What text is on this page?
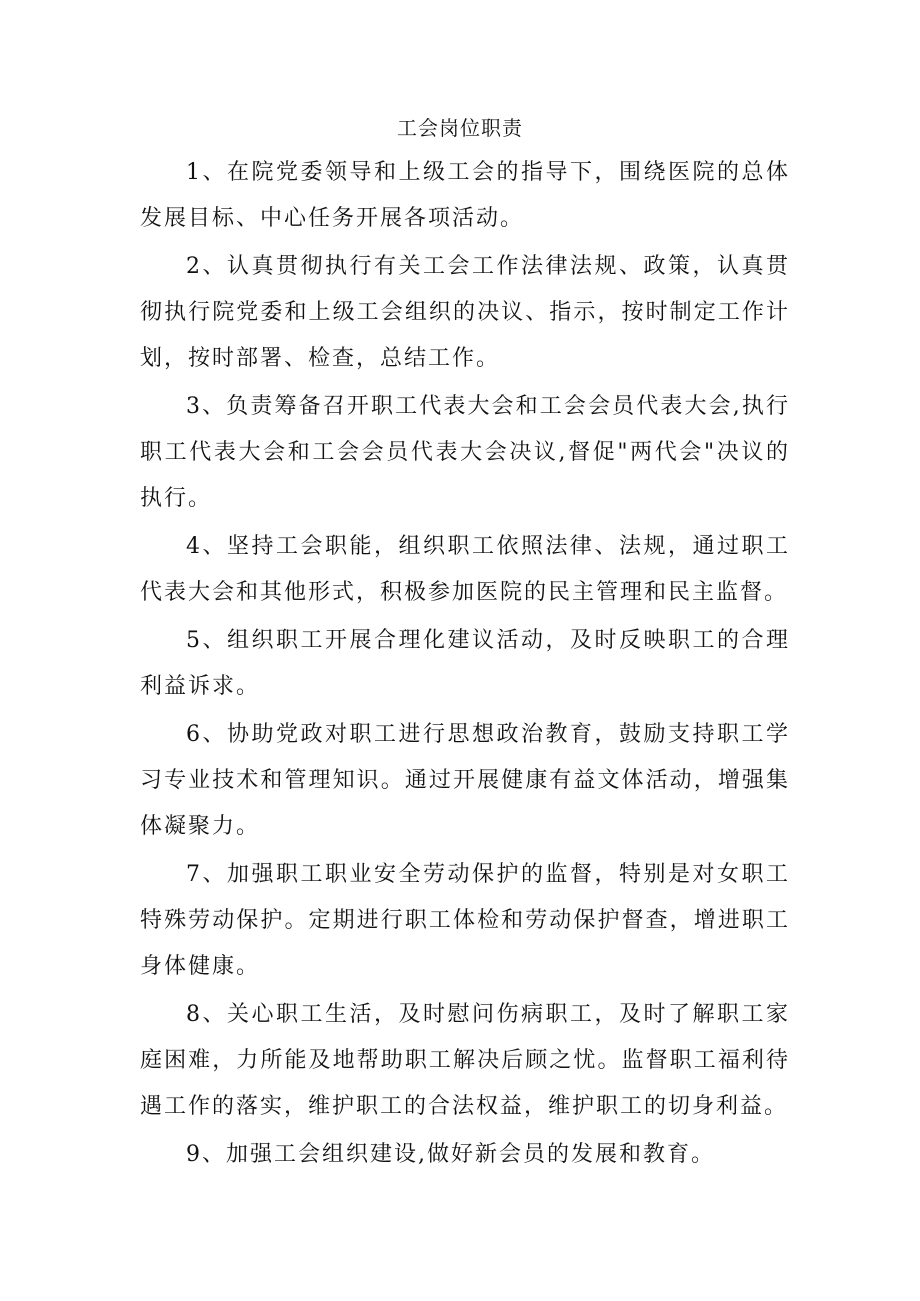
工会岗位职责

1、在院党委领导和上级工会的指导下，围绕医院的总体发展目标、中心任务开展各项活动。

2、认真贯彻执行有关工会工作法律法规、政策，认真贯彻执行院党委和上级工会组织的决议、指示，按时制定工作计划，按时部署、检查，总结工作。

3、负责筹备召开职工代表大会和工会会员代表大会,执行职工代表大会和工会会员代表大会决议,督促"两代会"决议的执行。

4、坚持工会职能，组织职工依照法律、法规，通过职工代表大会和其他形式，积极参加医院的民主管理和民主监督。

5、组织职工开展合理化建议活动，及时反映职工的合理利益诉求。

6、协助党政对职工进行思想政治教育，鼓励支持职工学习专业技术和管理知识。通过开展健康有益文体活动，增强集体凝聚力。

7、加强职工职业安全劳动保护的监督，特别是对女职工特殊劳动保护。定期进行职工体检和劳动保护督查，增进职工身体健康。

8、关心职工生活，及时慰问伤病职工，及时了解职工家庭困难，力所能及地帮助职工解决后顾之忧。监督职工福利待遇工作的落实，维护职工的合法权益，维护职工的切身利益。

9、加强工会组织建设,做好新会员的发展和教育。
